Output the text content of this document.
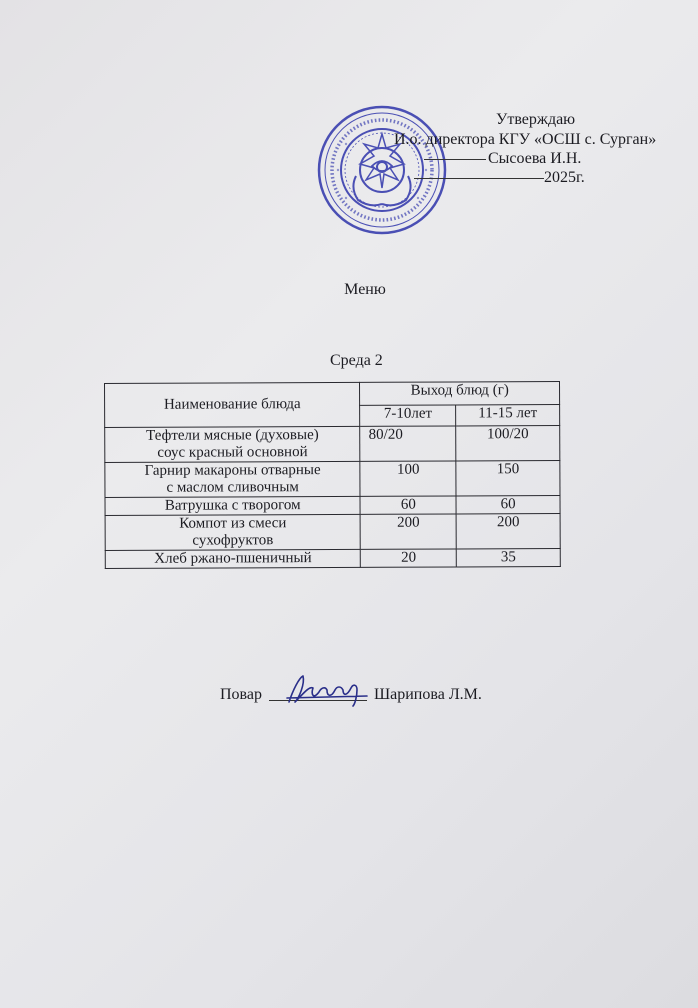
Утверждаю
И.о. директора КГУ «ОСШ с. Сурган»
Сысоева И.Н.
2025г.
Меню
Среда 2
Наименование блюда	Выход блюд (г)	
	7-10лет	11-15 лет

Тефтели мясные (духовые)
соус красный основной	80/20	100/20

Гарнир макароны отварные
с маслом сливочным	100	150

Ватрушка с творогом	60	60

Компот из смеси
сухофруктов	200	200

Хлеб ржано-пшеничный	20	35
Повар	Шарипова Л.М.
